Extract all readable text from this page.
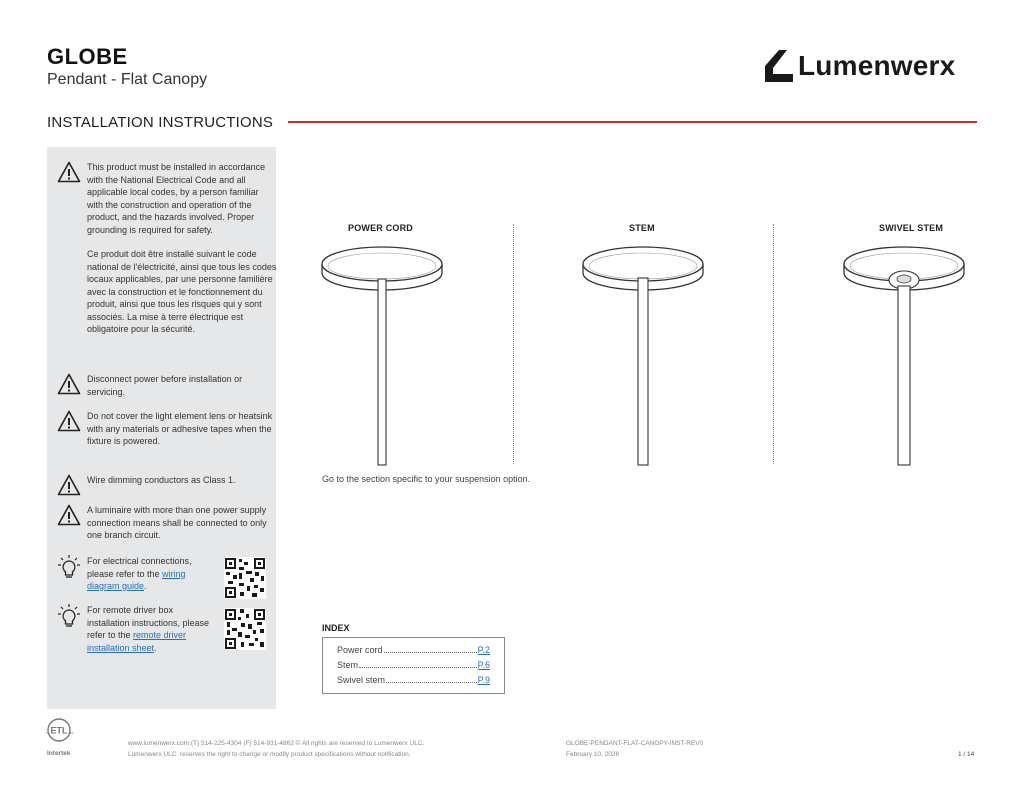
GLOBE
Pendant - Flat Canopy	Lumenwerx
INSTALLATION INSTRUCTIONS

This product must be installed in accordance with the National Electrical Code and all applicable local codes, by a person familiar with the construction and operation of the product, and the hazards involved. Proper grounding is required for safety.

Ce produit doit être installé suivant le code national de l'électricité, ainsi que tous les codes locaux applicables, par une personne familière avec la construction et le fonctionnement du produit, ainsi que tous les risques qui y sont associés. La mise à terre électrique est obligatoire pour la sécurité.

Disconnect power before installation or servicing.
Do not cover the light element lens or heatsink with any materials or adhesive tapes when the fixture is powered.
Wire dimming conductors as Class 1.
A luminaire with more than one power supply connection means shall be connected to only one branch circuit.
For electrical connections, please refer to the wiring diagram guide.
For remote driver box installation instructions, please refer to the remote driver installation sheet.
POWER CORD	STEM	SWIVEL STEM
Go to the section specific to your suspension option.
INDEX
Power cord	P.2
Stem	P.6
Swivel stem	P.9
ETL
c	us
Intertek
www.lumenwerx.com (T) 514-225-4304 (F) 514-931-4862 © All rights are reserved to Lumenwerx ULC.
Lumenwerx ULC. reserves the right to change or modify product specifications without notification.
GLOBE-PENDANT-FLAT-CANOPY-INST-REV0
February 10, 2026	1 / 14
